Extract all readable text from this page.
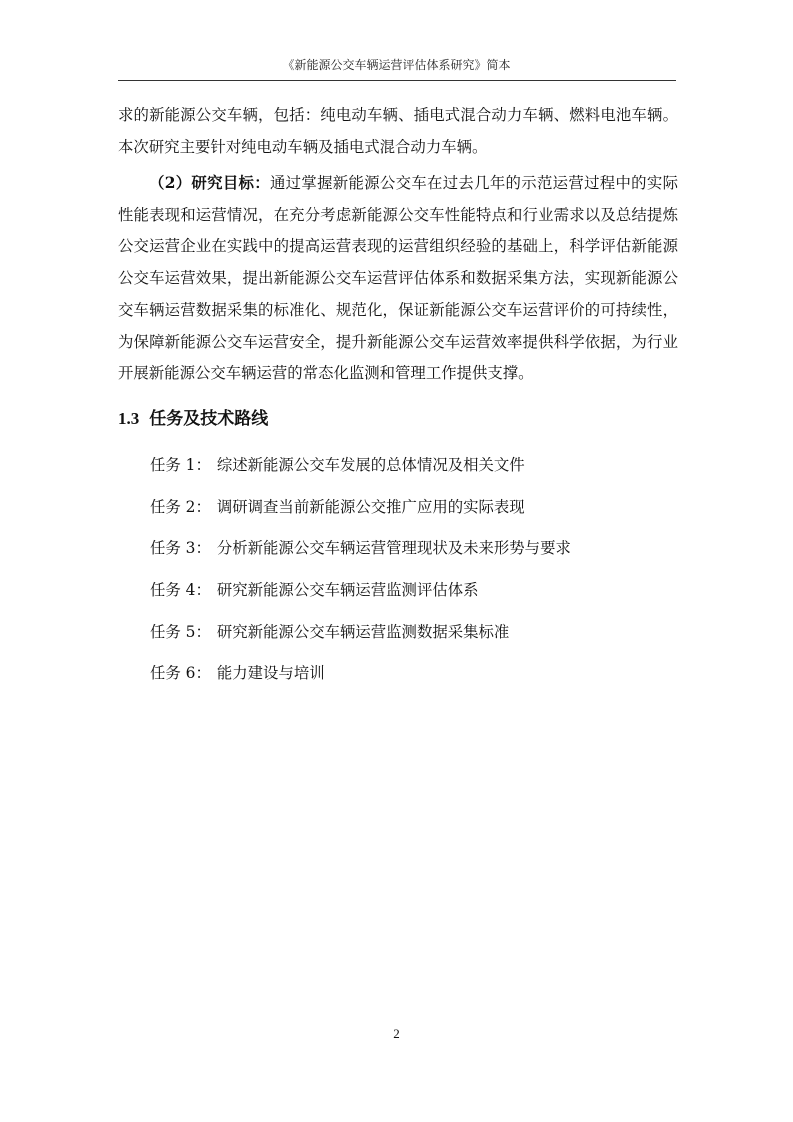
《新能源公交车辆运营评估体系研究》简本

求的新能源公交车辆，包括：纯电动车辆、插电式混合动力车辆、燃料电池车辆。本次研究主要针对纯电动车辆及插电式混合动力车辆。

（2）研究目标：通过掌握新能源公交车在过去几年的示范运营过程中的实际性能表现和运营情况，在充分考虑新能源公交车性能特点和行业需求以及总结提炼公交运营企业在实践中的提高运营表现的运营组织经验的基础上，科学评估新能源公交车运营效果，提出新能源公交车运营评估体系和数据采集方法，实现新能源公交车辆运营数据采集的标准化、规范化，保证新能源公交车运营评价的可持续性，为保障新能源公交车运营安全，提升新能源公交车运营效率提供科学依据，为行业开展新能源公交车辆运营的常态化监测和管理工作提供支撑。

1.3 任务及技术路线
任务 1： 综述新能源公交车发展的总体情况及相关文件
任务 2： 调研调查当前新能源公交推广应用的实际表现
任务 3： 分析新能源公交车辆运营管理现状及未来形势与要求
任务 4： 研究新能源公交车辆运营监测评估体系
任务 5： 研究新能源公交车辆运营监测数据采集标准
任务 6： 能力建设与培训
2
